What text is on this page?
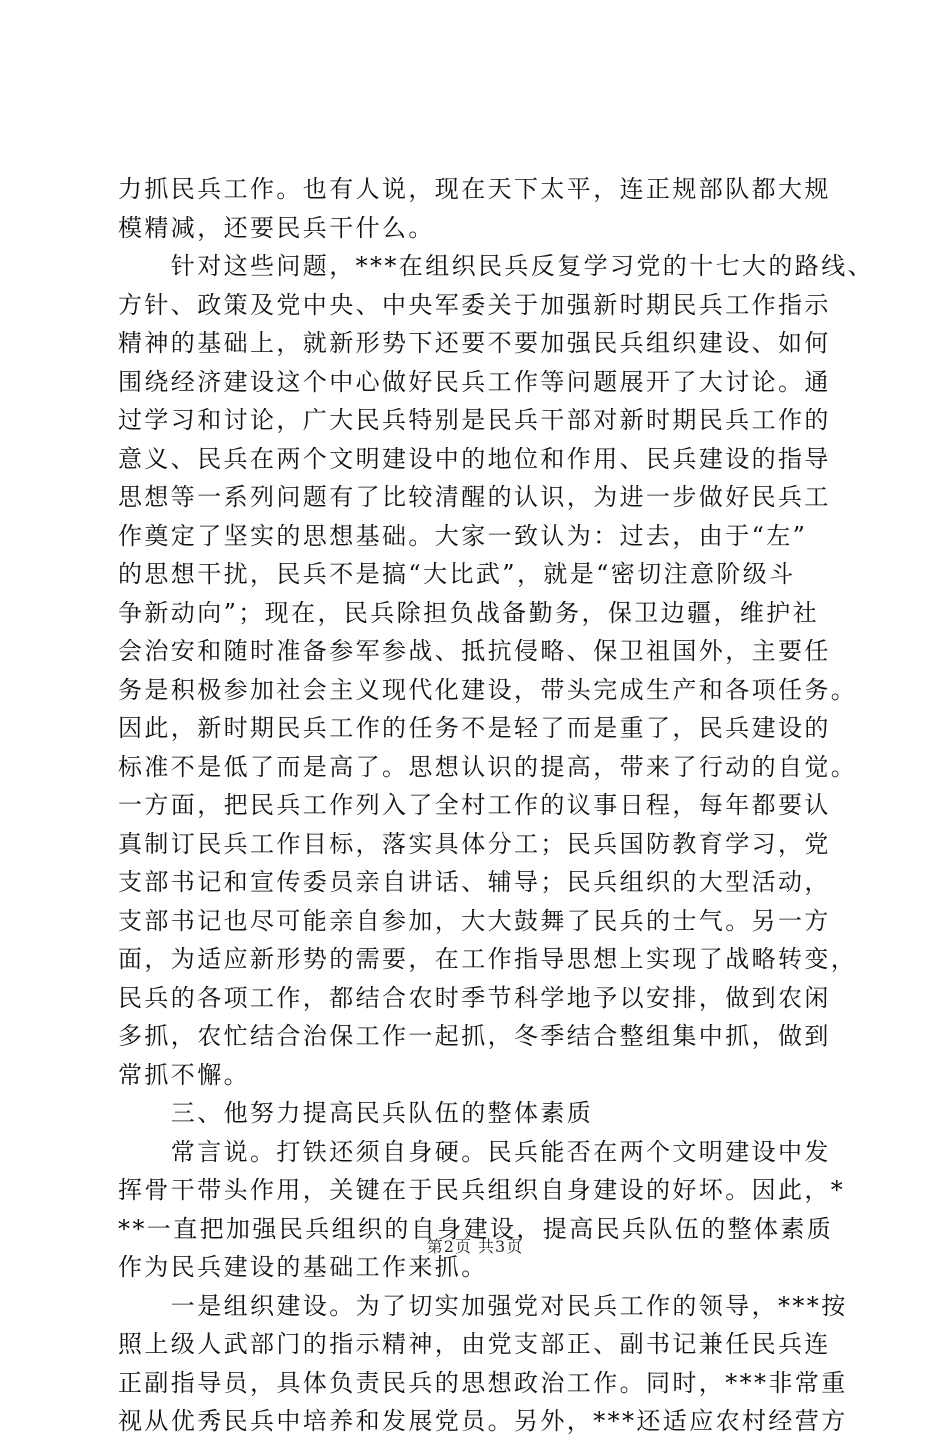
力抓民兵工作。也有人说，现在天下太平，连正规部队都大规
模精减，还要民兵干什么。
　　针对这些问题，***在组织民兵反复学习党的十七大的路线、
方针、政策及党中央、中央军委关于加强新时期民兵工作指示
精神的基础上，就新形势下还要不要加强民兵组织建设、如何
围绕经济建设这个中心做好民兵工作等问题展开了大讨论。通
过学习和讨论，广大民兵特别是民兵干部对新时期民兵工作的
意义、民兵在两个文明建设中的地位和作用、民兵建设的指导
思想等一系列问题有了比较清醒的认识，为进一步做好民兵工
作奠定了坚实的思想基础。大家一致认为：过去，由于“左”
的思想干扰，民兵不是搞“大比武”，就是“密切注意阶级斗
争新动向”；现在，民兵除担负战备勤务，保卫边疆，维护社
会治安和随时准备参军参战、抵抗侵略、保卫祖国外，主要任
务是积极参加社会主义现代化建设，带头完成生产和各项任务。
因此，新时期民兵工作的任务不是轻了而是重了，民兵建设的
标准不是低了而是高了。思想认识的提高，带来了行动的自觉。
一方面，把民兵工作列入了全村工作的议事日程，每年都要认
真制订民兵工作目标，落实具体分工；民兵国防教育学习，党
支部书记和宣传委员亲自讲话、辅导；民兵组织的大型活动，
支部书记也尽可能亲自参加，大大鼓舞了民兵的士气。另一方
面，为适应新形势的需要，在工作指导思想上实现了战略转变，
民兵的各项工作，都结合农时季节科学地予以安排，做到农闲
多抓，农忙结合治保工作一起抓，冬季结合整组集中抓，做到
常抓不懈。
　　三、他努力提高民兵队伍的整体素质
　　常言说。打铁还须自身硬。民兵能否在两个文明建设中发
挥骨干带头作用，关键在于民兵组织自身建设的好坏。因此，*
**一直把加强民兵组织的自身建设，提高民兵队伍的整体素质
作为民兵建设的基础工作来抓。
　　一是组织建设。为了切实加强党对民兵工作的领导，***按
照上级人武部门的指示精神，由党支部正、副书记兼任民兵连
正副指导员，具体负责民兵的思想政治工作。同时，***非常重
视从优秀民兵中培养和发展党员。另外，***还适应农村经营方
第2页 共3页
